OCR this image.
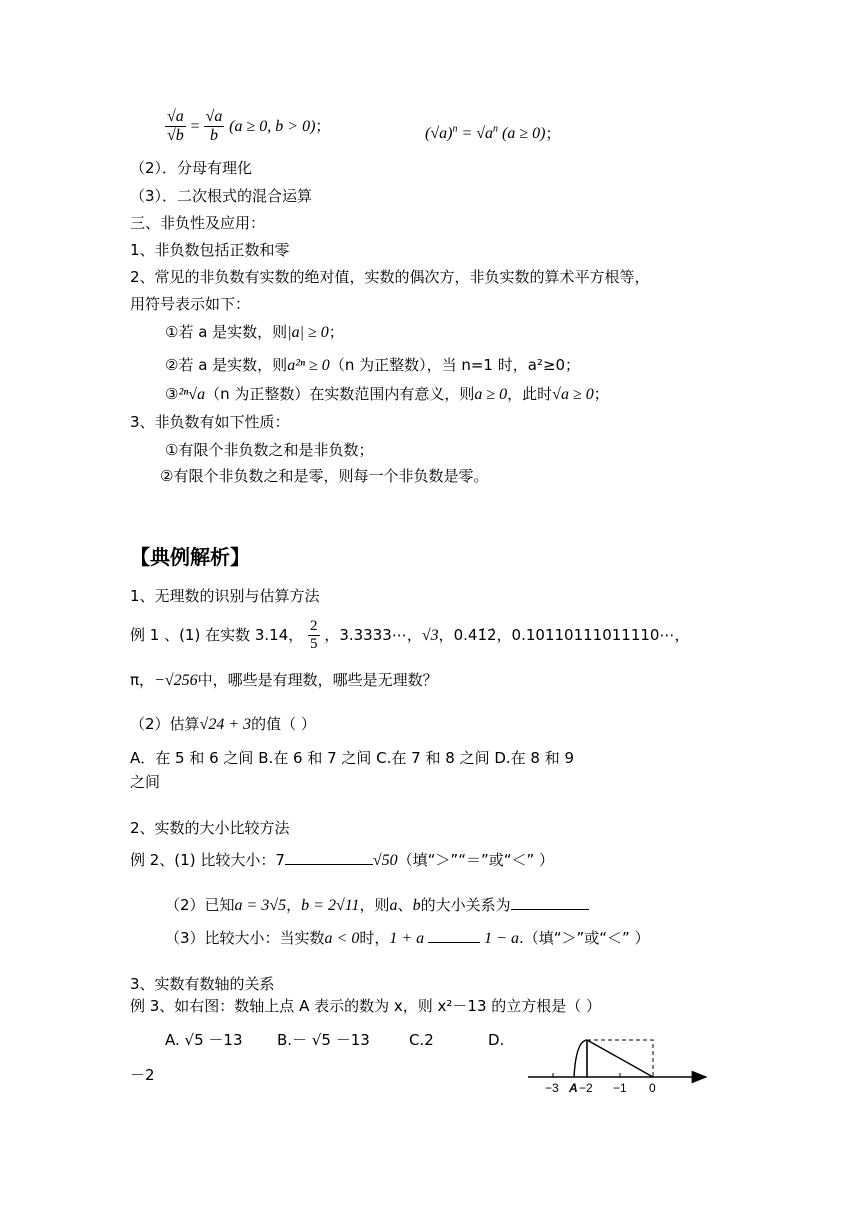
$\frac{√a}{√b} = \frac{√a}{b} (a \ge 0$, b > 0)；	$(√a)^n = √a^n$ (a ≥ 0)；
（2）．分母有理化
（3）．二次根式的混合运算
三、非负性及应用：
1、非负数包括正数和零
2、常见的非负数有实数的绝对值，实数的偶次方，非负实数的算术平方根等，
用符号表示如下：
①若 a 是实数，则|a| ≥ 0；
②若 a 是实数，则a²ⁿ ≥ 0（n 为正整数），当 n=1 时，a²≥0；
③²ⁿ√a（n 为正整数）在实数范围内有意义，则a ≥ 0，此时√a ≥ 0；
3、非负数有如下性质：
①有限个非负数之和是非负数；
②有限个非负数之和是零，则每一个非负数是零。
【典例解析】
1、无理数的识别与估算方法
例 1 、(1) 在实数 3.14， $\frac{2}{5}$ ，3.3333⋯，√3，0.41̇2̇，0.10110111011110⋯，
π，−√256中，哪些是有理数，哪些是无理数？
（2）估算√24 + 3的值（ ）
A．在 5 和 6 之间 B.在 6 和 7 之间 C.在 7 和 8 之间 D.在 8 和 9
之间
2、实数的大小比较方法
例 2、(1) 比较大小：7	√50（填“＞”“＝”或“＜” ）
（2）已知a = 3√5，b = 2√11，则a、b的大小关系为
（3）比较大小：当实数a < 0时，1 + a	1 − a.（填“＞”或“＜” ）
3、实数有数轴的关系
例 3、如右图：数轴上点 A 表示的数为 x，则 x²－13 的立方根是（ ）
A. √5 －13 B.－ √5 －13	C.2	D.
－2
−3 A −2 −1 0
